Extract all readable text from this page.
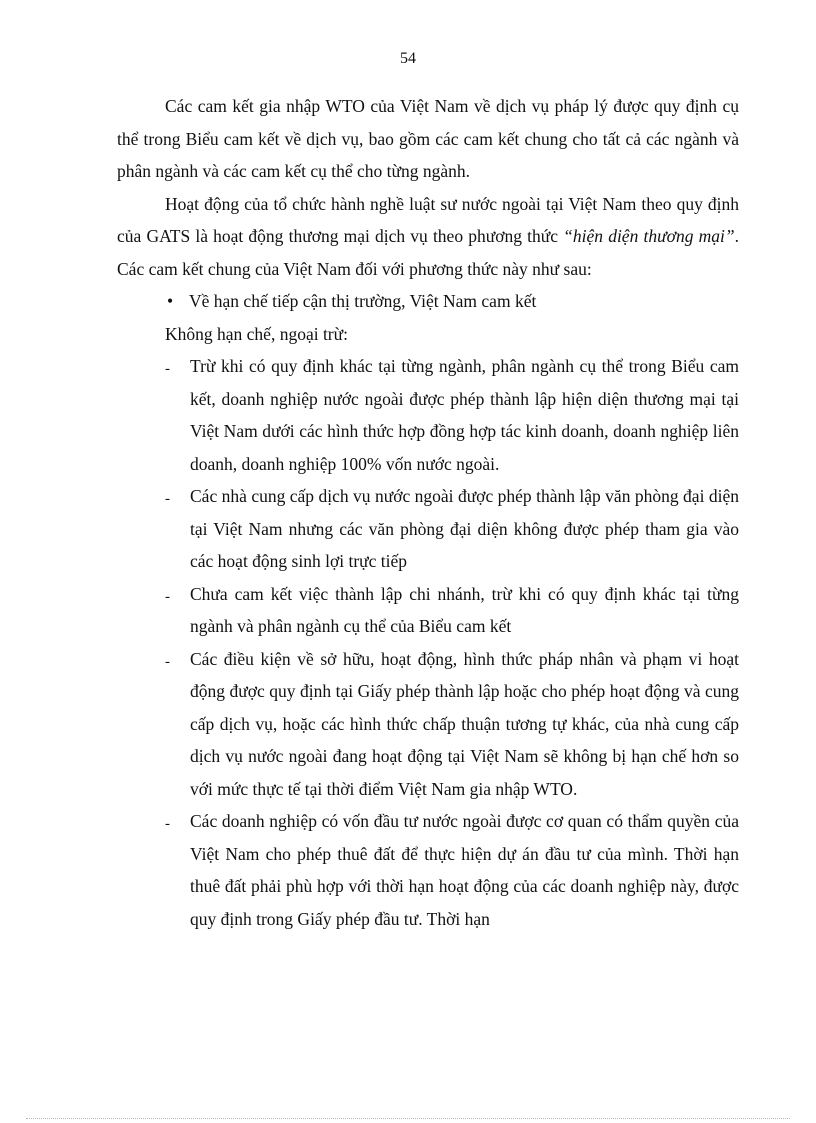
54

Các cam kết gia nhập WTO của Việt Nam về dịch vụ pháp lý được quy định cụ thể trong Biểu cam kết về dịch vụ, bao gồm các cam kết chung cho tất cả các ngành và phân ngành và các cam kết cụ thể cho từng ngành.

Hoạt động của tổ chức hành nghề luật sư nước ngoài tại Việt Nam theo quy định của GATS là hoạt động thương mại dịch vụ theo phương thức “hiện diện thương mại”. Các cam kết chung của Việt Nam đối với phương thức này như sau:

• Về hạn chế tiếp cận thị trường, Việt Nam cam kết

Không hạn chế, ngoại trừ:

- Trừ khi có quy định khác tại từng ngành, phân ngành cụ thể trong Biểu cam kết, doanh nghiệp nước ngoài được phép thành lập hiện diện thương mại tại Việt Nam dưới các hình thức hợp đồng hợp tác kinh doanh, doanh nghiệp liên doanh, doanh nghiệp 100% vốn nước ngoài.
- Các nhà cung cấp dịch vụ nước ngoài được phép thành lập văn phòng đại diện tại Việt Nam nhưng các văn phòng đại diện không được phép tham gia vào các hoạt động sinh lợi trực tiếp
- Chưa cam kết việc thành lập chi nhánh, trừ khi có quy định khác tại từng ngành và phân ngành cụ thể của Biểu cam kết
- Các điều kiện về sở hữu, hoạt động, hình thức pháp nhân và phạm vi hoạt động được quy định tại Giấy phép thành lập hoặc cho phép hoạt động và cung cấp dịch vụ, hoặc các hình thức chấp thuận tương tự khác, của nhà cung cấp dịch vụ nước ngoài đang hoạt động tại Việt Nam sẽ không bị hạn chế hơn so với mức thực tế tại thời điểm Việt Nam gia nhập WTO.
- Các doanh nghiệp có vốn đầu tư nước ngoài được cơ quan có thẩm quyền của Việt Nam cho phép thuê đất để thực hiện dự án đầu tư của mình. Thời hạn thuê đất phải phù hợp với thời hạn hoạt động của các doanh nghiệp này, được quy định trong Giấy phép đầu tư. Thời hạn
